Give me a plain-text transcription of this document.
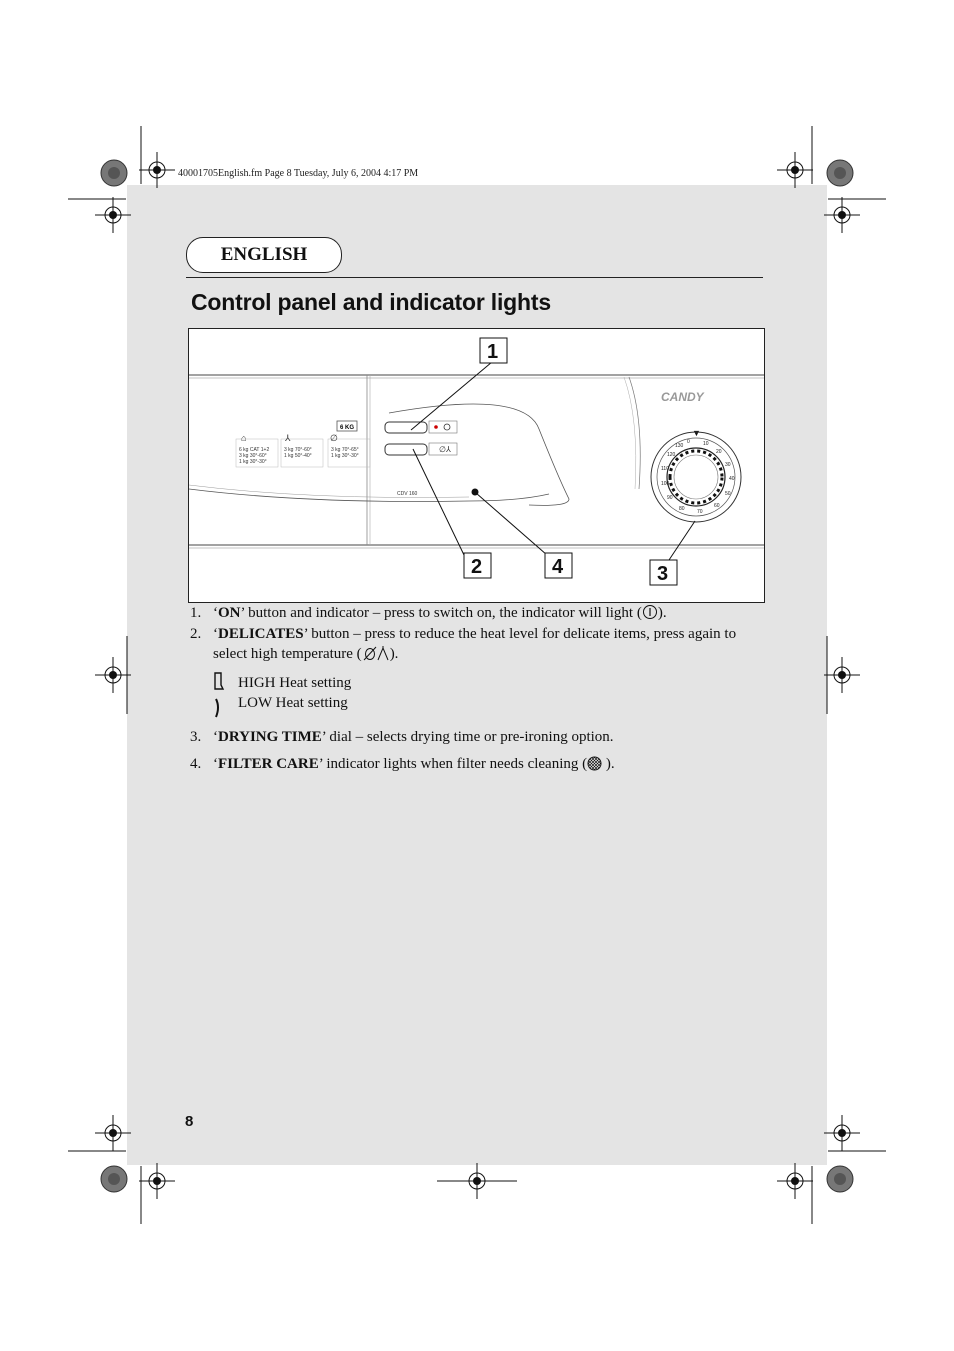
40001705English.fm Page 8 Tuesday, July 6, 2004 4:17 PM
ENGLISH
Control panel and indicator lights
6 KG
6 kg CAT 1+2
3 kg 30°-60°
1 kg 30°-30°
3 kg 70°-60°
1 kg 50°-40°
3 kg 70°-65°
1 kg 30°-30°
⌂	⅄	∅
∅⅄
CDV 160
CANDY
▼
0	10
20
30
40
50
60
70
80
90
100
110
120
130
1
2	3
4
1. ‘ON’ button and indicator – press to switch on, the indicator will light ( ).
2. ‘DELICATES’ button – press to reduce the heat level for delicate items, press again to select high temperature ( ).
HIGH Heat setting
LOW Heat setting
3. ‘DRYING TIME’ dial – selects drying time or pre-ironing option.
4. ‘FILTER CARE’ indicator lights when filter needs cleaning ( ).
8
